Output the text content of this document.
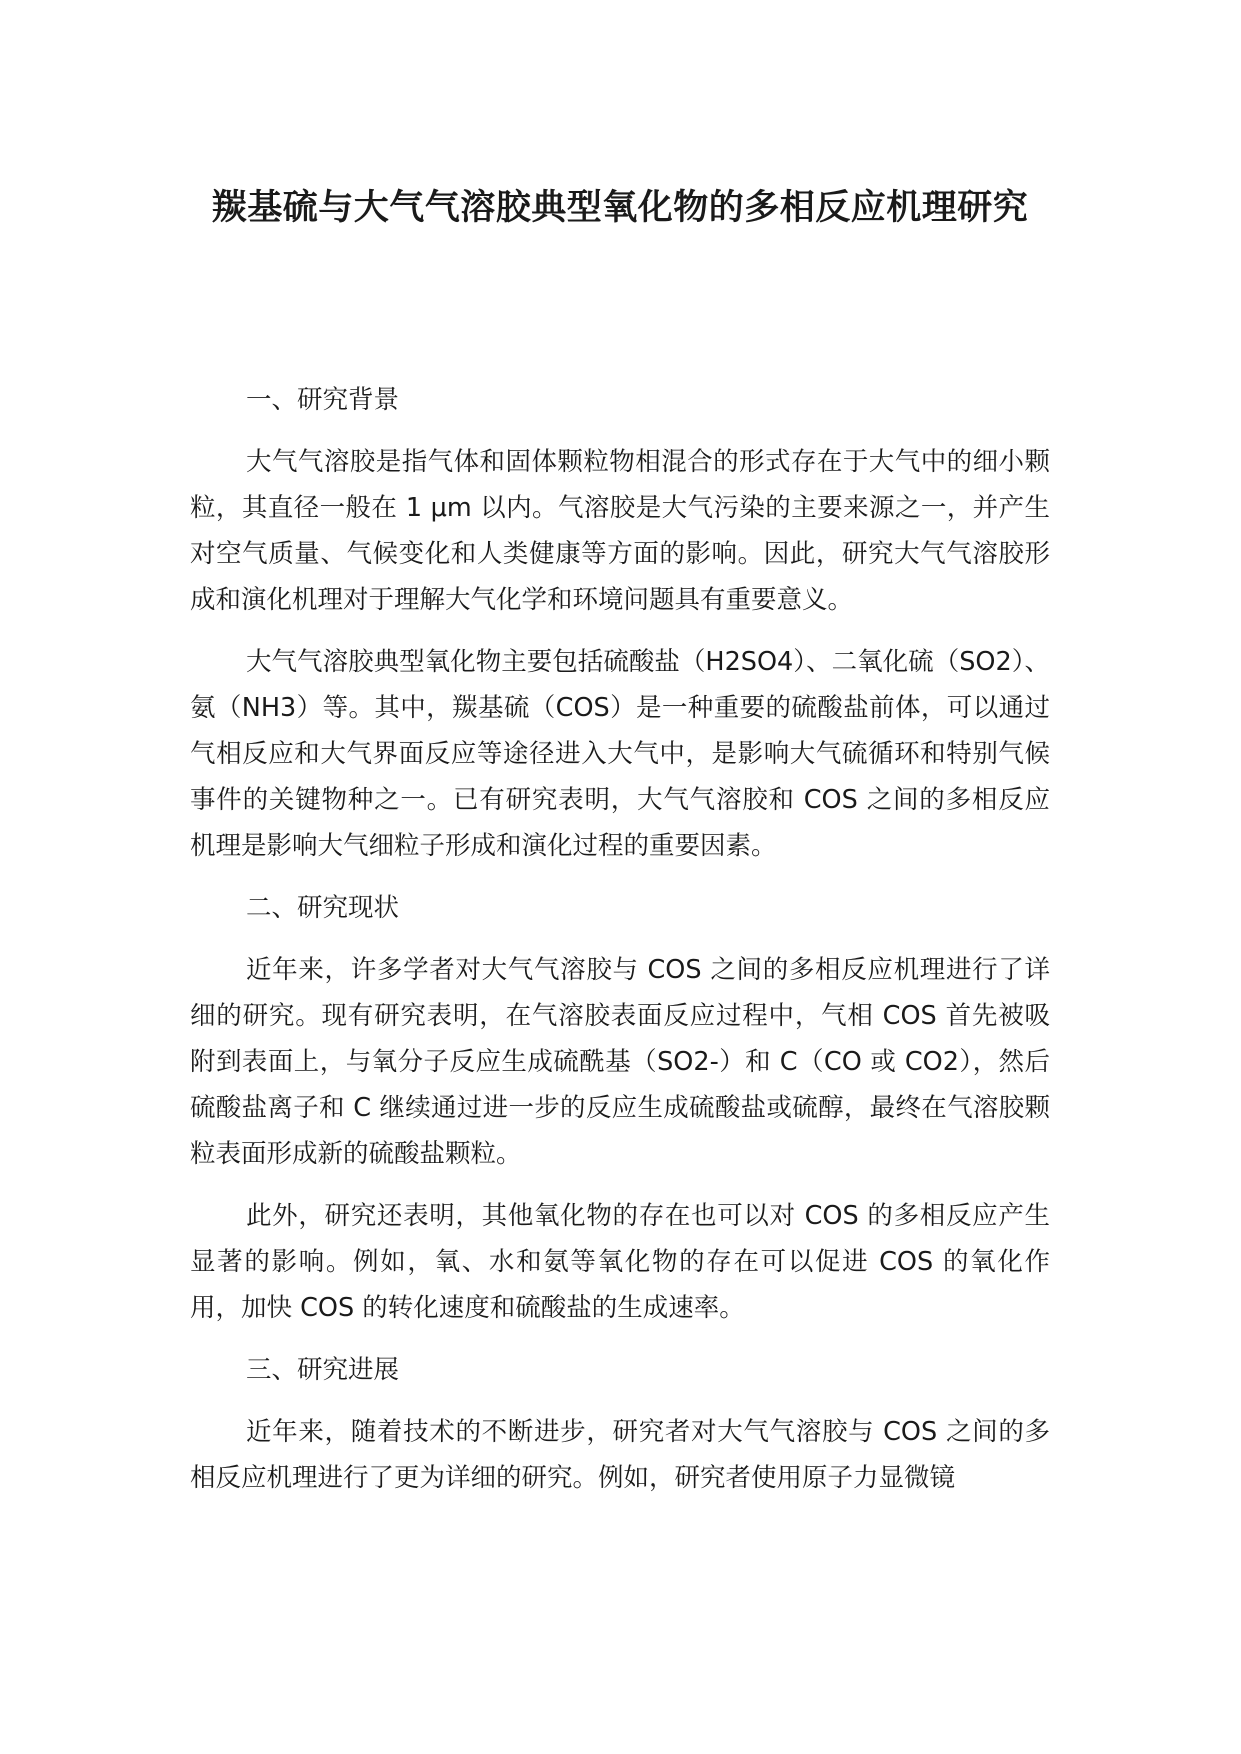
羰基硫与大气气溶胶典型氧化物的多相反应机理研究
一、研究背景

大气气溶胶是指气体和固体颗粒物相混合的形式存在于大气中的细小颗粒，其直径一般在 1 μm 以内。气溶胶是大气污染的主要来源之一，并产生对空气质量、气候变化和人类健康等方面的影响。因此，研究大气气溶胶形成和演化机理对于理解大气化学和环境问题具有重要意义。

大气气溶胶典型氧化物主要包括硫酸盐（H2SO4）、二氧化硫（SO2）、氨（NH3）等。其中，羰基硫（COS）是一种重要的硫酸盐前体，可以通过气相反应和大气界面反应等途径进入大气中，是影响大气硫循环和特别气候事件的关键物种之一。已有研究表明，大气气溶胶和 COS 之间的多相反应机理是影响大气细粒子形成和演化过程的重要因素。

二、研究现状

近年来，许多学者对大气气溶胶与 COS 之间的多相反应机理进行了详细的研究。现有研究表明，在气溶胶表面反应过程中，气相 COS 首先被吸附到表面上，与氧分子反应生成硫酰基（SO2-）和 C（CO 或 CO2），然后硫酸盐离子和 C 继续通过进一步的反应生成硫酸盐或硫醇，最终在气溶胶颗粒表面形成新的硫酸盐颗粒。

此外，研究还表明，其他氧化物的存在也可以对 COS 的多相反应产生显著的影响。例如，氧、水和氨等氧化物的存在可以促进 COS 的氧化作用，加快 COS 的转化速度和硫酸盐的生成速率。

三、研究进展

近年来，随着技术的不断进步，研究者对大气气溶胶与 COS 之间的多相反应机理进行了更为详细的研究。例如，研究者使用原子力显微镜
